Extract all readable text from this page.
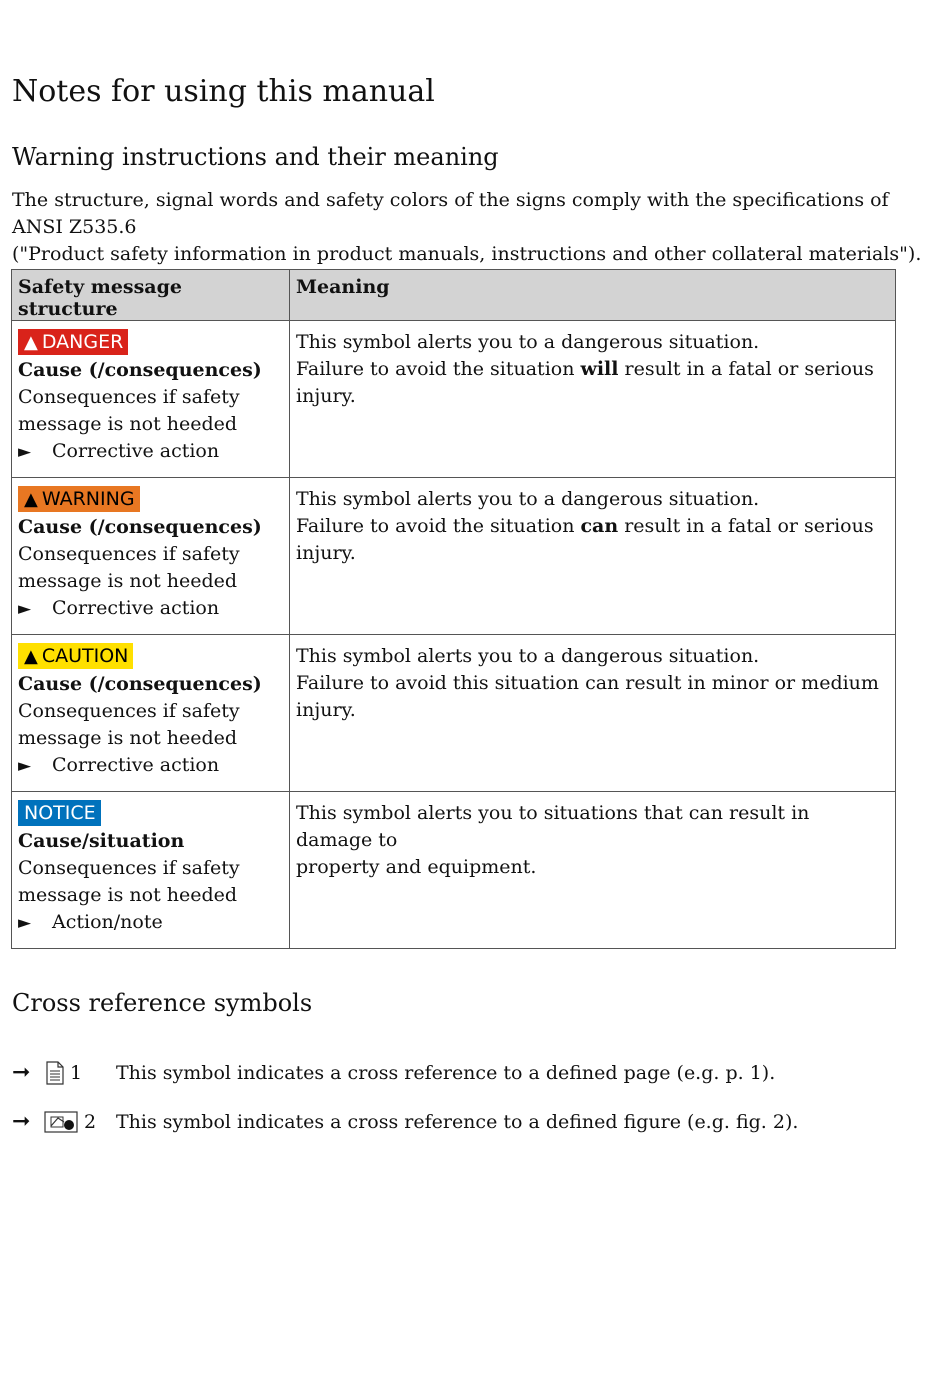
Notes for using this manual
Warning instructions and their meaning

The structure, signal words and safety colors of the signs comply with the specifications of ANSI Z535.6
("Product safety information in product manuals, instructions and other collateral materials").

Safety message structure	Meaning
▲ DANGER
Cause (/consequences)
Consequences if safety
message is not heeded
► Corrective action	This symbol alerts you to a dangerous situation.
Failure to avoid the situation will result in a fatal or serious injury.

▲ WARNING
Cause (/consequences)
Consequences if safety
message is not heeded
► Corrective action	This symbol alerts you to a dangerous situation.
Failure to avoid the situation can result in a fatal or serious injury.

▲ CAUTION
Cause (/consequences)
Consequences if safety
message is not heeded
► Corrective action	This symbol alerts you to a dangerous situation.
Failure to avoid this situation can result in minor or medium injury.

NOTICE
Cause/situation
Consequences if safety
message is not heeded
► Action/note	This symbol alerts you to situations that can result in damage to
property and equipment.
Cross reference symbols
➞ 1 This symbol indicates a cross reference to a defined page (e.g. p. 1).
➞	2 This symbol indicates a cross reference to a defined figure (e.g. fig. 2).
